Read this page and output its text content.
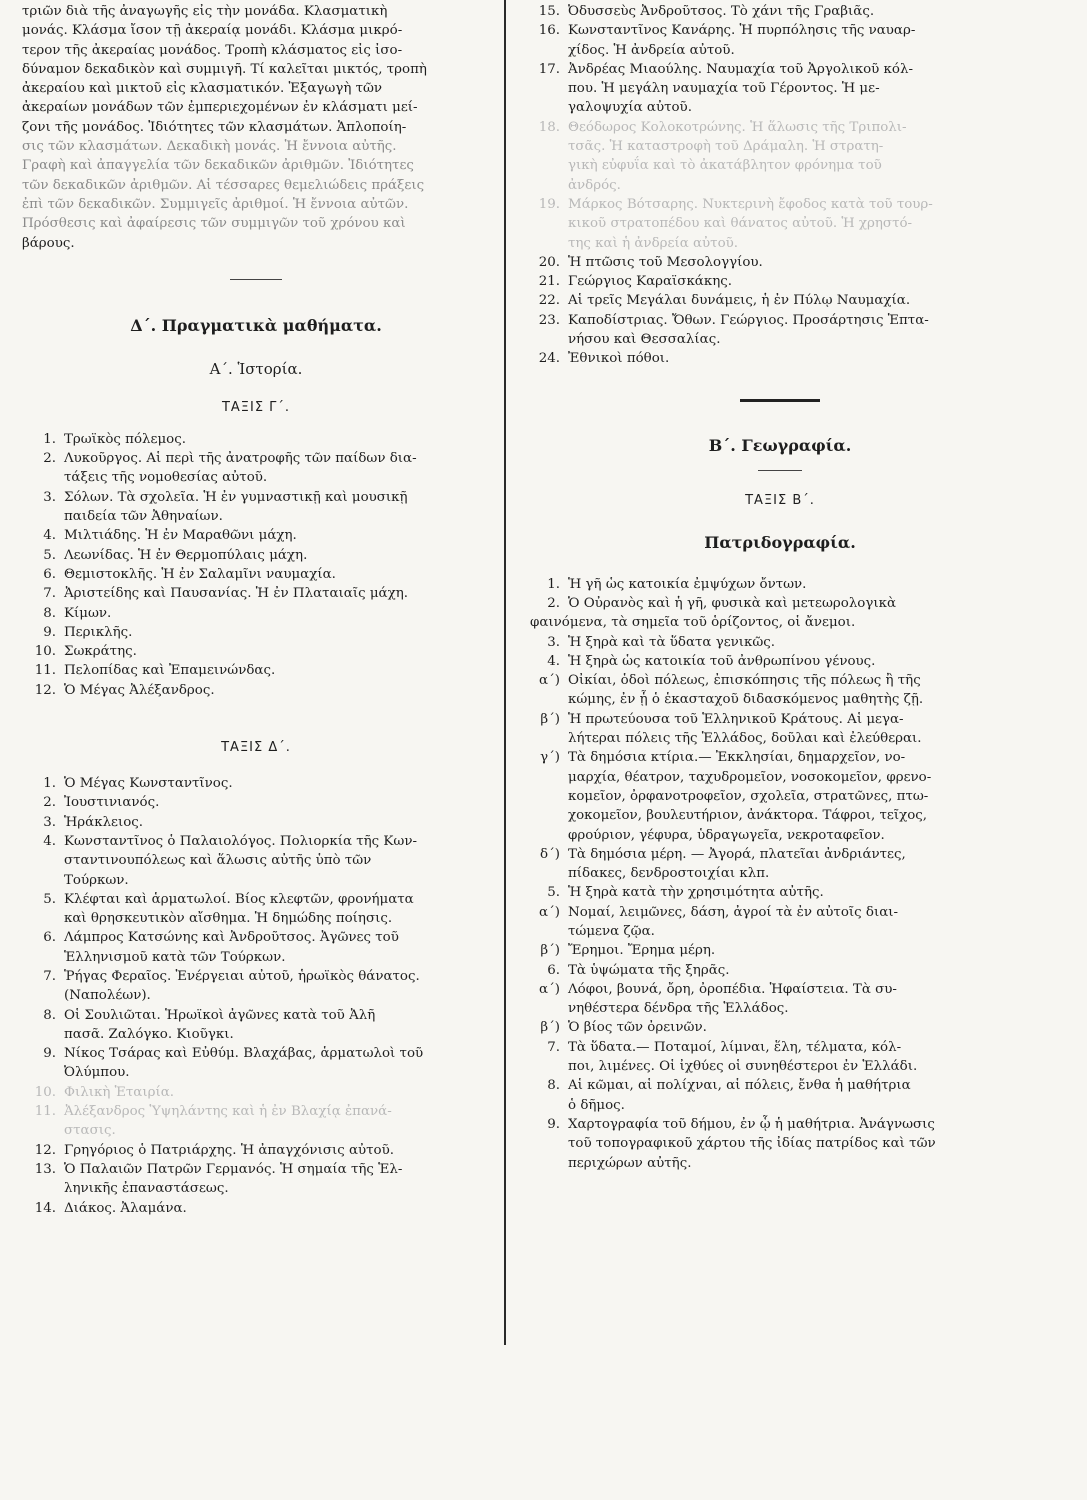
τριῶν διὰ τῆς ἀναγωγῆς εἰς τὴν μονάδα. Κλασματικὴ
μονάς. Κλάσμα ἴσον τῇ ἀκεραίᾳ μονάδι. Κλάσμα μικρό-
τερον τῆς ἀκεραίας μονάδος. Τροπὴ κλάσματος εἰς ἰσο-
δύναμον δεκαδικὸν καὶ συμμιγῆ. Τί καλεῖται μικτός, τροπὴ
ἀκεραίου καὶ μικτοῦ εἰς κλασματικόν. Ἐξαγωγὴ τῶν
ἀκεραίων μονάδων τῶν ἐμπεριεχομένων ἐν κλάσματι μεί-
ζονι τῆς μονάδος. Ἰδιότητες τῶν κλασμάτων. Ἁπλοποίη-
σις τῶν κλασμάτων. Δεκαδικὴ μονάς. Ἡ ἔννοια αὐτῆς.
Γραφὴ καὶ ἀπαγγελία τῶν δεκαδικῶν ἀριθμῶν. Ἰδιότητες
τῶν δεκαδικῶν ἀριθμῶν. Αἱ τέσσαρες θεμελιώδεις πράξεις
ἐπὶ τῶν δεκαδικῶν. Συμμιγεῖς ἀριθμοί. Ἡ ἔννοια αὐτῶν.
Πρόσθεσις καὶ ἀφαίρεσις τῶν συμμιγῶν τοῦ χρόνου καὶ
βάρους.
Δ΄. Πραγματικὰ μαθήματα.
Α΄. Ἱστορία.
ΤΑΞΙΣ Γ΄.
1. Τρωϊκὸς πόλεμος.
2. Λυκοῦργος. Αἱ περὶ τῆς ἀνατροφῆς τῶν παίδων δια-
τάξεις τῆς νομοθεσίας αὐτοῦ.
3. Σόλων. Τὰ σχολεῖα. Ἡ ἐν γυμναστικῇ καὶ μουσικῇ
παιδεία τῶν Ἀθηναίων.
4. Μιλτιάδης. Ἡ ἐν Μαραθῶνι μάχη.
5. Λεωνίδας. Ἡ ἐν Θερμοπύλαις μάχη.
6. Θεμιστοκλῆς. Ἡ ἐν Σαλαμῖνι ναυμαχία.
7. Ἀριστείδης καὶ Παυσανίας. Ἡ ἐν Πλαταιαῖς μάχη.
8. Κίμων.
9. Περικλῆς.
10. Σωκράτης.
11. Πελοπίδας καὶ Ἐπαμεινώνδας.
12. Ὁ Μέγας Ἀλέξανδρος.
ΤΑΞΙΣ Δ΄.
1. Ὁ Μέγας Κωνσταντῖνος.
2. Ἰουστινιανός.
3. Ἡράκλειος.
4. Κωνσταντῖνος ὁ Παλαιολόγος. Πολιορκία τῆς Κων-
σταντινουπόλεως καὶ ἅλωσις αὐτῆς ὑπὸ τῶν
Τούρκων.
5. Κλέφται καὶ ἁρματωλοί. Βίος κλεφτῶν, φρονήματα
καὶ θρησκευτικὸν αἴσθημα. Ἡ δημώδης ποίησις.
6. Λάμπρος Κατσώνης καὶ Ἀνδροῦτσος. Ἀγῶνες τοῦ
Ἑλληνισμοῦ κατὰ τῶν Τούρκων.
7. Ῥήγας Φεραῖος. Ἐνέργειαι αὐτοῦ, ἡρωϊκὸς θάνατος.
(Ναπολέων).
8. Οἱ Σουλιῶται. Ἡρωϊκοὶ ἀγῶνες κατὰ τοῦ Ἀλῆ
πασᾶ. Ζαλόγκο. Κιοῦγκι.
9. Νίκος Τσάρας καὶ Εὐθύμ. Βλαχάβας, ἁρματωλοὶ τοῦ
Ὀλύμπου.
10. Φιλικὴ Ἑταιρία.
11. Ἀλέξανδρος Ὑψηλάντης καὶ ἡ ἐν Βλαχίᾳ ἐπανά-
στασις.
12. Γρηγόριος ὁ Πατριάρχης. Ἡ ἀπαγχόνισις αὐτοῦ.
13. Ὁ Παλαιῶν Πατρῶν Γερμανός. Ἡ σημαία τῆς Ἑλ-
ληνικῆς ἐπαναστάσεως.
14. Διάκος. Ἀλαμάνα.
15. Ὀδυσσεὺς Ἀνδροῦτσος. Τὸ χάνι τῆς Γραβιᾶς.
16. Κωνσταντῖνος Κανάρης. Ἡ πυρπόλησις τῆς ναυαρ-
χίδος. Ἡ ἀνδρεία αὐτοῦ.
17. Ἀνδρέας Μιαούλης. Ναυμαχία τοῦ Ἀργολικοῦ κόλ-
που. Ἡ μεγάλη ναυμαχία τοῦ Γέροντος. Ἡ με-
γαλοψυχία αὐτοῦ.
18. Θεόδωρος Κολοκοτρώνης. Ἡ ἅλωσις τῆς Τριπολι-
τσᾶς. Ἡ καταστροφὴ τοῦ Δράμαλη. Ἡ στρατη-
γικὴ εὐφυΐα καὶ τὸ ἀκατάβλητον φρόνημα τοῦ
ἀνδρός.
19. Μάρκος Βότσαρης. Νυκτερινὴ ἔφοδος κατὰ τοῦ τουρ-
κικοῦ στρατοπέδου καὶ θάνατος αὐτοῦ. Ἡ χρηστό-
της καὶ ἡ ἀνδρεία αὐτοῦ.
20. Ἡ πτῶσις τοῦ Μεσολογγίου.
21. Γεώργιος Καραϊσκάκης.
22. Αἱ τρεῖς Μεγάλαι δυνάμεις, ἡ ἐν Πύλῳ Ναυμαχία.
23. Καποδίστριας. Ὄθων. Γεώργιος. Προσάρτησις Ἑπτα-
νήσου καὶ Θεσσαλίας.
24. Ἐθνικοὶ πόθοι.
Β΄. Γεωγραφία.
ΤΑΞΙΣ Β΄.
Πατριδογραφία.
1. Ἡ γῆ ὡς κατοικία ἐμψύχων ὄντων.
2. Ὁ Οὐρανὸς καὶ ἡ γῆ, φυσικὰ καὶ μετεωρολογικὰ
φαινόμενα, τὰ σημεῖα τοῦ ὁρίζοντος, οἱ ἄνεμοι.
3. Ἡ ξηρὰ καὶ τὰ ὕδατα γενικῶς.
4. Ἡ ξηρὰ ὡς κατοικία τοῦ ἀνθρωπίνου γένους.
α΄) Οἰκίαι, ὁδοὶ πόλεως, ἐπισκόπησις τῆς πόλεως ἢ τῆς
κώμης, ἐν ᾗ ὁ ἑκασταχοῦ διδασκόμενος μαθητὴς ζῇ.
β΄) Ἡ πρωτεύουσα τοῦ Ἑλληνικοῦ Κράτους. Αἱ μεγα-
λήτεραι πόλεις τῆς Ἑλλάδος, δοῦλαι καὶ ἐλεύθεραι.
γ΄) Τὰ δημόσια κτίρια.— Ἐκκλησίαι, δημαρχεῖον, νο-
μαρχία, θέατρον, ταχυδρομεῖον, νοσοκομεῖον, φρενο-
κομεῖον, ὀρφανοτροφεῖον, σχολεῖα, στρατῶνες, πτω-
χοκομεῖον, βουλευτήριον, ἀνάκτορα. Τάφροι, τεῖχος,
φρούριον, γέφυρα, ὑδραγωγεῖα, νεκροταφεῖον.
δ΄) Τὰ δημόσια μέρη. — Ἀγορά, πλατεῖαι ἀνδριάντες,
πίδακες, δενδροστοιχίαι κλπ.
5. Ἡ ξηρὰ κατὰ τὴν χρησιμότητα αὐτῆς.
α΄) Νομαί, λειμῶνες, δάση, ἀγροί τὰ ἐν αὐτοῖς διαι-
τώμενα ζῷα.
β΄) Ἔρημοι. Ἔρημα μέρη.
6. Τὰ ὑψώματα τῆς ξηρᾶς.
α΄) Λόφοι, βουνά, ὄρη, ὀροπέδια. Ἡφαίστεια. Τὰ συ-
νηθέστερα δένδρα τῆς Ἑλλάδος.
β΄) Ὁ βίος τῶν ὀρεινῶν.
7. Τὰ ὕδατα.— Ποταμοί, λίμναι, ἕλη, τέλματα, κόλ-
ποι, λιμένες. Οἱ ἰχθύες οἱ συνηθέστεροι ἐν Ἑλλάδι.
8. Αἱ κῶμαι, αἱ πολίχναι, αἱ πόλεις, ἔνθα ἡ μαθήτρια
ὁ δῆμος.
9. Χαρτογραφία τοῦ δήμου, ἐν ᾧ ἡ μαθήτρια. Ἀνάγνωσις
τοῦ τοπογραφικοῦ χάρτου τῆς ἰδίας πατρίδος καὶ τῶν
περιχώρων αὐτῆς.
